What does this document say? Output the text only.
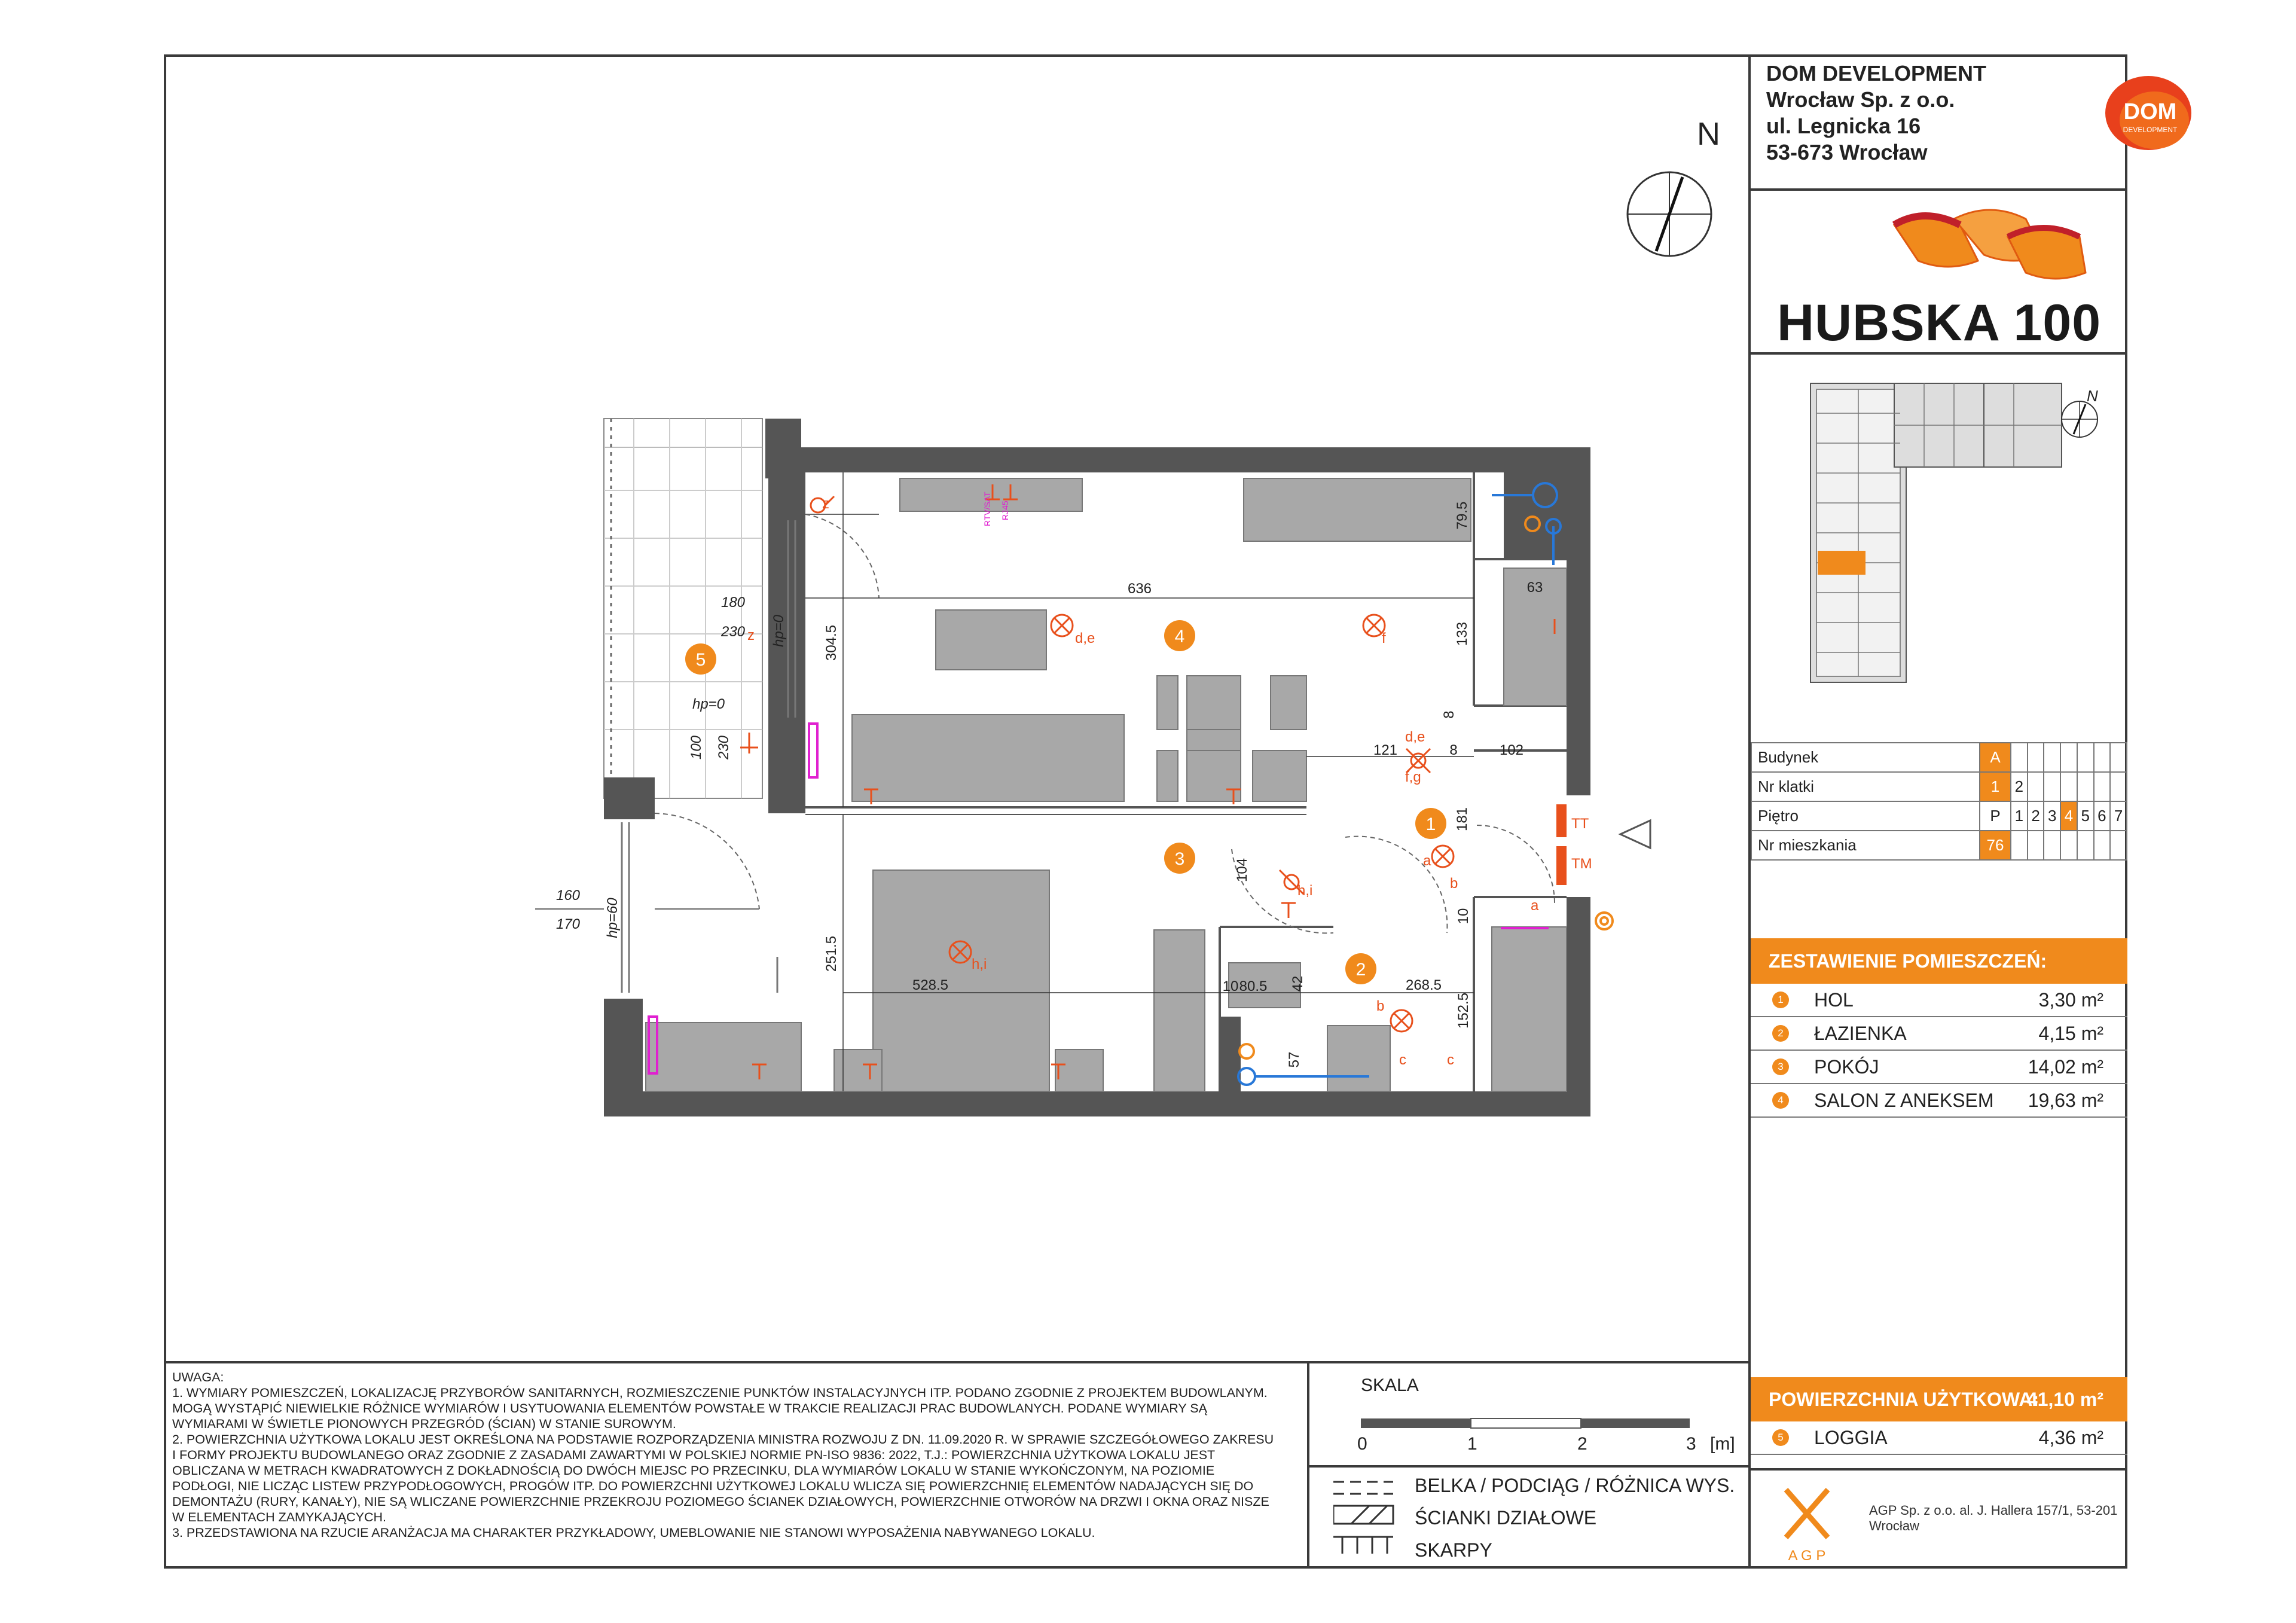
N
636
304.5	133
63
79.5
181
121
8
102
8
104
251.5
528.5	268.5
10
80.5
10	42
152.5
57
180
230
100 230
160
170
hp=0
hp=0
hp=60
z
d,e	f
d,e
f,g
a
b
h,i
h,i
b
c	c
a
z
RTV/SAT RJ45
TT
TM
1
2
3
4
5
UWAGA:
1. WYMIARY POMIESZCZEŃ, LOKALIZACJĘ PRZYBORÓW SANITARNYCH, ROZMIESZCZENIE PUNKTÓW INSTALACYJNYCH ITP. PODANO ZGODNIE Z PROJEKTEM BUDOWLANYM.
MOGĄ WYSTĄPIĆ NIEWIELKIE RÓŻNICE WYMIARÓW I USYTUOWANIA ELEMENTÓW POWSTAŁE W TRAKCIE REALIZACJI PRAC BUDOWLANYCH. PODANE WYMIARY SĄ
WYMIARAMI W ŚWIETLE PIONOWYCH PRZEGRÓD (ŚCIAN) W STANIE SUROWYM.
2. POWIERZCHNIA UŻYTKOWA LOKALU JEST OKREŚLONA NA PODSTAWIE ROZPORZĄDZENIA MINISTRA ROZWOJU Z DN. 11.09.2020 R. W SPRAWIE SZCZEGÓŁOWEGO ZAKRESU
I FORMY PROJEKTU BUDOWLANEGO ORAZ ZGODNIE Z ZASADAMI ZAWARTYMI W POLSKIEJ NORMIE PN-ISO 9836: 2022, T.J.: POWIERZCHNIA UŻYTKOWA LOKALU JEST
OBLICZANA W METRACH KWADRATOWYCH Z DOKŁADNOŚCIĄ DO DWÓCH MIEJSC PO PRZECINKU, DLA WYMIARÓW LOKALU W STANIE WYKOŃCZONYM, NA POZIOMIE
PODŁOGI, NIE LICZĄC LISTEW PRZYPODŁOGOWYCH, PROGÓW ITP. DO POWIERZCHNI UŻYTKOWEJ LOKALU WLICZA SIĘ POWIERZCHNIĘ ELEMENTÓW NADAJĄCYCH SIĘ DO
DEMONTAŻU (RURY, KANAŁY), NIE SĄ WLICZANE POWIERZCHNIE PRZEKROJU POZIOMEGO ŚCIANEK DZIAŁOWYCH, POWIERZCHNIE OTWORÓW NA DRZWI I OKNA ORAZ NISZE
W ELEMENTACH ZAMYKAJĄCYCH.
3. PRZEDSTAWIONA NA RZUCIE ARANŻACJA MA CHARAKTER PRZYKŁADOWY, UMEBLOWANIE NIE STANOWI WYPOSAŻENIA NABYWANEGO LOKALU.
SKALA
0	1	2	3 [m]
BELKA / PODCIĄG / RÓŻNICA WYS.
ŚCIANKI DZIAŁOWE
SKARPY
DOM DEVELOPMENT
Wrocław Sp. z o.o.
ul. Legnicka 16
53-673 Wrocław
DOM
DEVELOPMENT
HUBSKA 100
N
Budynek	A							
Nr klatki	1	2						
Piętro	P	1	2	3	4	5	6	7
Nr mieszkania	76							
ZESTAWIENIE POMIESZCZEŃ:
1 HOL	3,30 m²
2 ŁAZIENKA	4,15 m²
3 POKÓJ	14,02 m²
4 SALON Z ANEKSEM 19,63 m²
POWIERZCHNIA UŻYTKOWA:
41,10 m²
5 LOGGIA	4,36 m²
A G P
AGP Sp. z o.o. al. J. Hallera 157/1, 53-201 Wrocław
